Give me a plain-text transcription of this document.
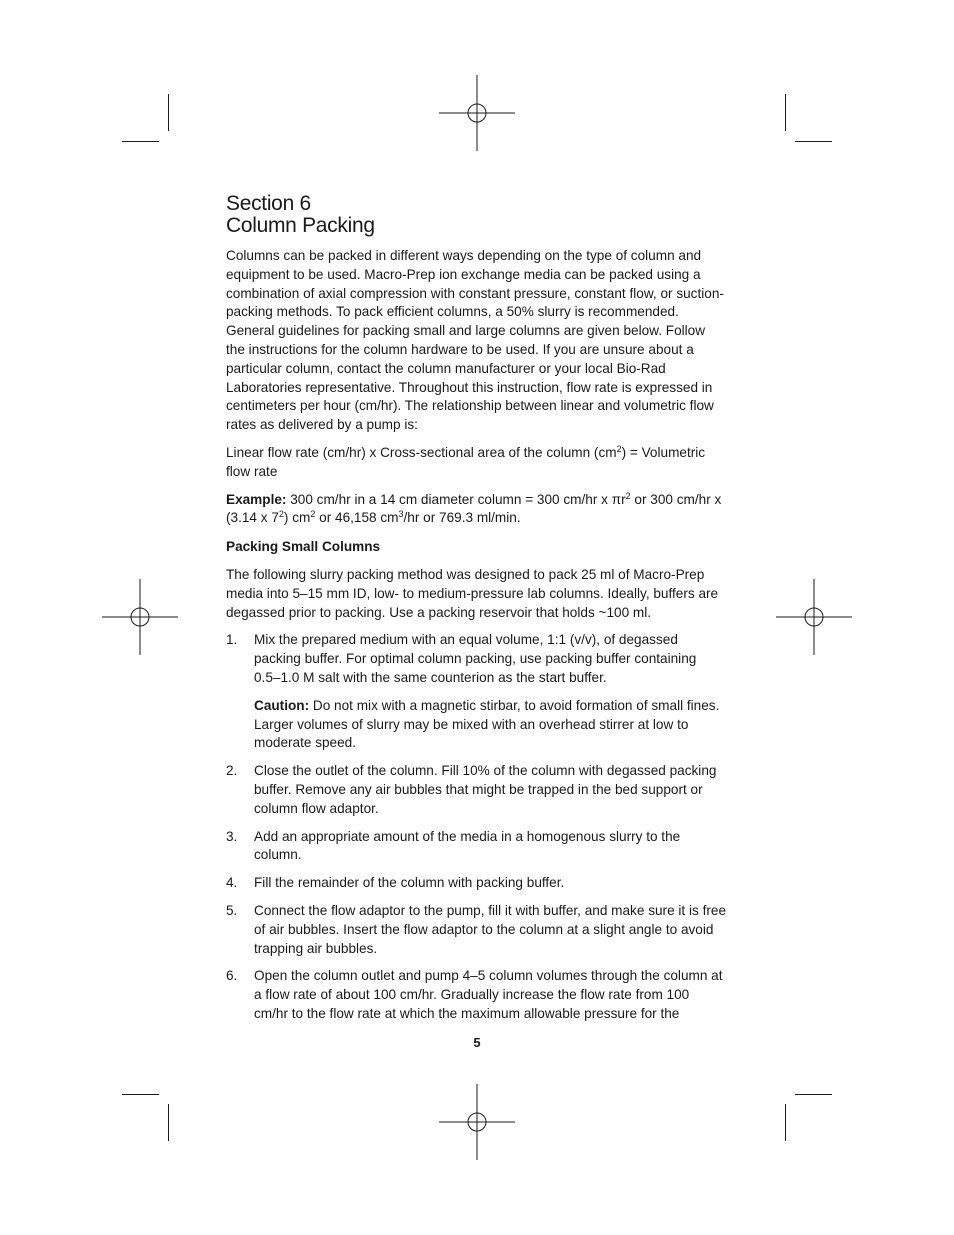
Section 6
Column Packing

Columns can be packed in different ways depending on the type of column and equipment to be used. Macro-Prep ion exchange media can be packed using a combination of axial compression with constant pressure, constant flow, or suction-packing methods. To pack efficient columns, a 50% slurry is recommended. General guidelines for packing small and large columns are given below. Follow the instructions for the column hardware to be used. If you are unsure about a particular column, contact the column manufacturer or your local Bio-Rad Laboratories representative. Throughout this instruction, flow rate is expressed in centimeters per hour (cm/hr). The relationship between linear and volumetric flow rates as delivered by a pump is:

Linear flow rate (cm/hr) x Cross-sectional area of the column $(cm^2)$ = Volumetric flow rate

Example: 300 cm/hr in a 14 cm diameter column = 300 cm/hr x $\pi r^2$ or 300 cm/hr x (3.14 x $7^2$) $cm^2$ or 46,158 $cm^3/hr$ or 769.3 ml/min.

Packing Small Columns

The following slurry packing method was designed to pack 25 ml of Macro-Prep media into 5–15 mm ID, low- to medium-pressure lab columns. Ideally, buffers are degassed prior to packing. Use a packing reservoir that holds ~100 ml.

1. Mix the prepared medium with an equal volume, 1:1 (v/v), of degassed packing buffer. For optimal column packing, use packing buffer containing 0.5–1.0 M salt with the same counterion as the start buffer.
Caution: Do not mix with a magnetic stirbar, to avoid formation of small fines. Larger volumes of slurry may be mixed with an overhead stirrer at low to moderate speed.
2. Close the outlet of the column. Fill 10% of the column with degassed packing buffer. Remove any air bubbles that might be trapped in the bed support or column flow adaptor.
3. Add an appropriate amount of the media in a homogenous slurry to the column.
4. Fill the remainder of the column with packing buffer.
5. Connect the flow adaptor to the pump, fill it with buffer, and make sure it is free of air bubbles. Insert the flow adaptor to the column at a slight angle to avoid trapping air bubbles.
6. Open the column outlet and pump 4–5 column volumes through the column at a flow rate of about 100 cm/hr. Gradually increase the flow rate from 100 cm/hr to the flow rate at which the maximum allowable pressure for the
5
